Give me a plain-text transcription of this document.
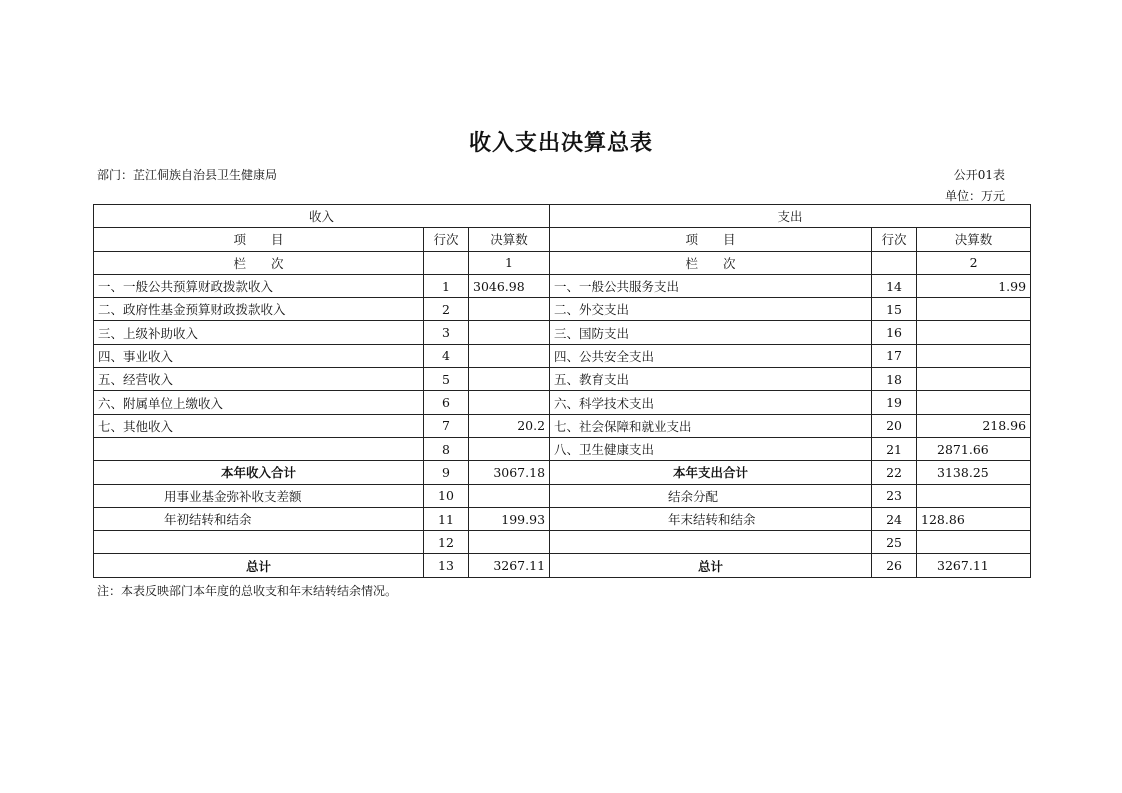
收入支出决算总表
部门：芷江侗族自治县卫生健康局	公开01表
单位：万元
收入			支出		
项　　目	行次	决算数	项　　目	行次	决算数
栏　　次		1	栏　　次		2
一、一般公共预算财政拨款收入	1	3046.98	一、一般公共服务支出	14	1.99
二、政府性基金预算财政拨款收入	2		二、外交支出	15	
三、上级补助收入	3		三、国防支出	16	
四、事业收入	4		四、公共安全支出	17	
五、经营收入	5		五、教育支出	18	
六、附属单位上缴收入	6		六、科学技术支出	19	
七、其他收入	7	20.2	七、社会保障和就业支出	20	218.96
	8		八、卫生健康支出	21	2871.66
本年收入合计	9	3067.18	本年支出合计	22	3138.25
用事业基金弥补收支差额	10		结余分配	23	
年初结转和结余	11	199.93	年末结转和结余	24	128.86
	12			25	
总计	13	3267.11	总计	26	3267.11
注：本表反映部门本年度的总收支和年末结转结余情况。
